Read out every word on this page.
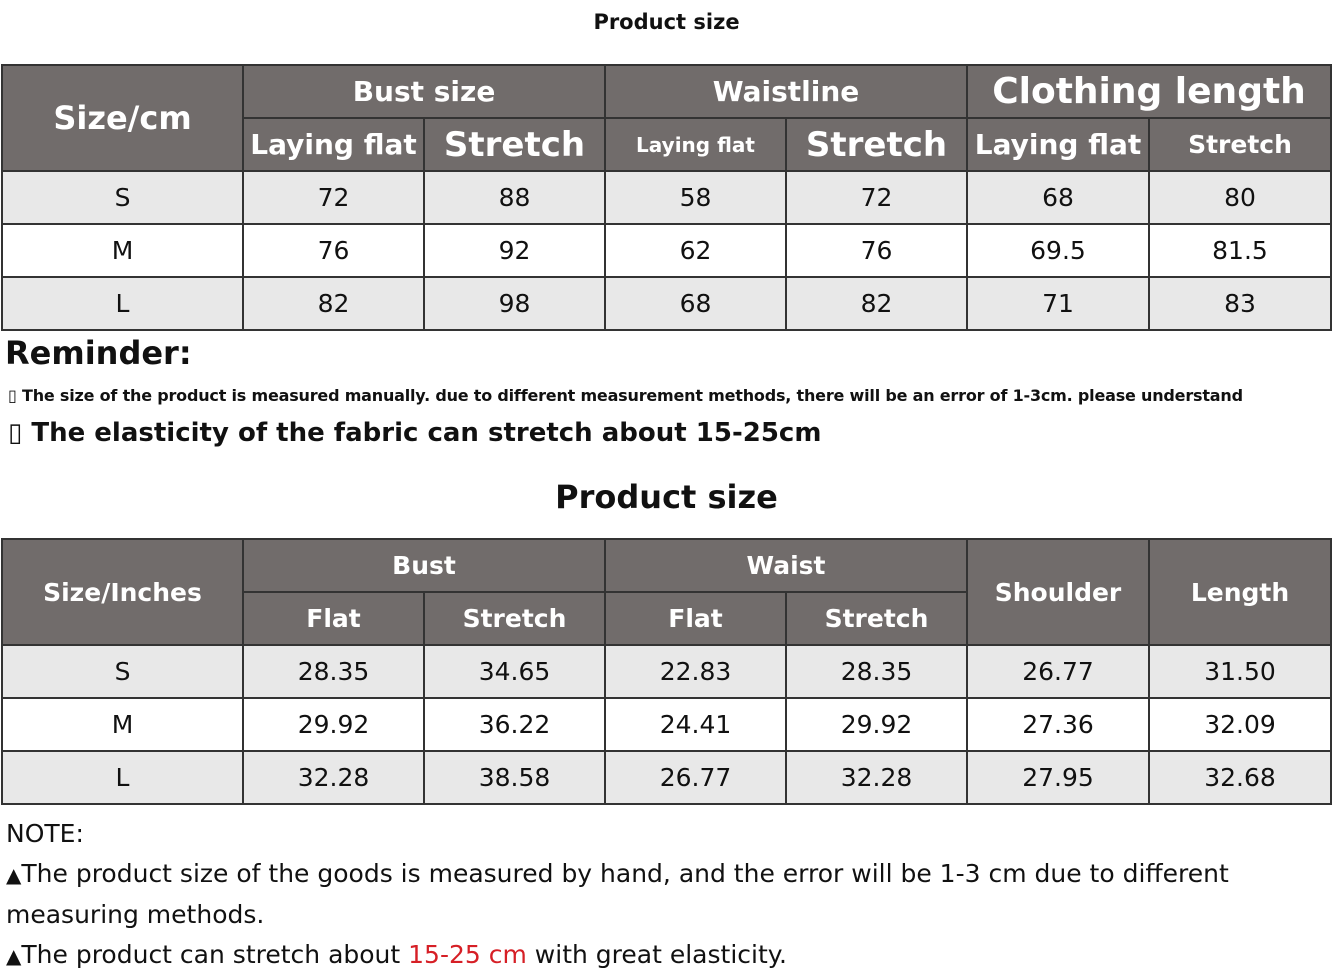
Product size
Size/cm	Bust size		Waistline		Clothing length	
	Laying flat	Stretch	Laying flat	Stretch	Laying flat	Stretch
S	72	88	58	72	68	80
M	76	92	62	76	69.5	81.5
L	82	98	68	82	71	83
Reminder:
▯ The size of the product is measured manually. due to different measurement methods, there will be an error of 1-3cm. please understand
▯ The elasticity of the fabric can stretch about 15-25cm
Product size
Size/Inches	Bust		Waist		Shoulder	Length
	Flat	Stretch	Flat	Stretch		
S	28.35	34.65	22.83	28.35	26.77	31.50
M	29.92	36.22	24.41	29.92	27.36	32.09
L	32.28	38.58	26.77	32.28	27.95	32.68

NOTE:

▲The product size of the goods is measured by hand, and the error will be 1-3 cm due to different measuring methods.

▲The product can stretch about 15-25 cm with great elasticity.
